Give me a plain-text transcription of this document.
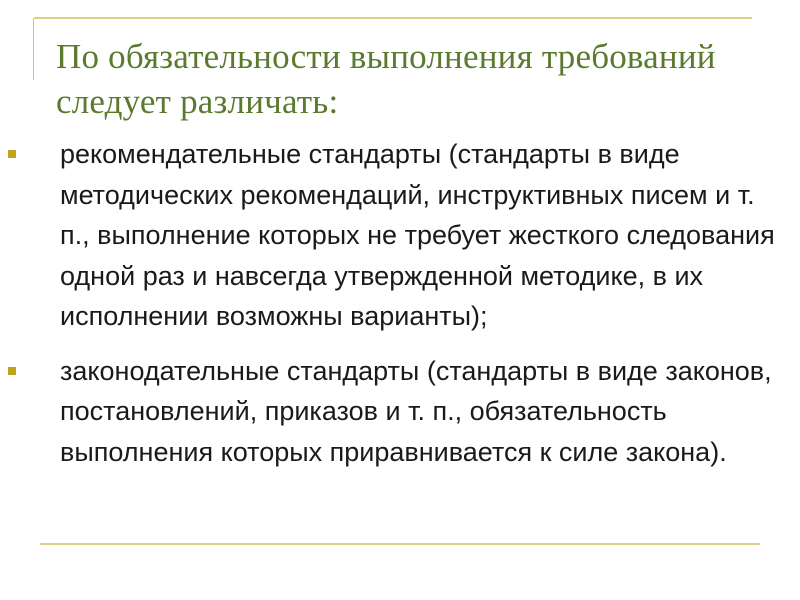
По обязательности выполнения требований следует различать:
рекомендательные стандарты (стандарты в виде методических рекомендаций, инструктивных писем и т. п., выполнение которых не требует жесткого следования одной раз и навсегда утвержденной методике, в их исполнении возможны варианты);
законодательные стандарты (стандарты в виде законов, постановлений, приказов и т. п., обязательность выполнения которых приравнивается к силе закона).
